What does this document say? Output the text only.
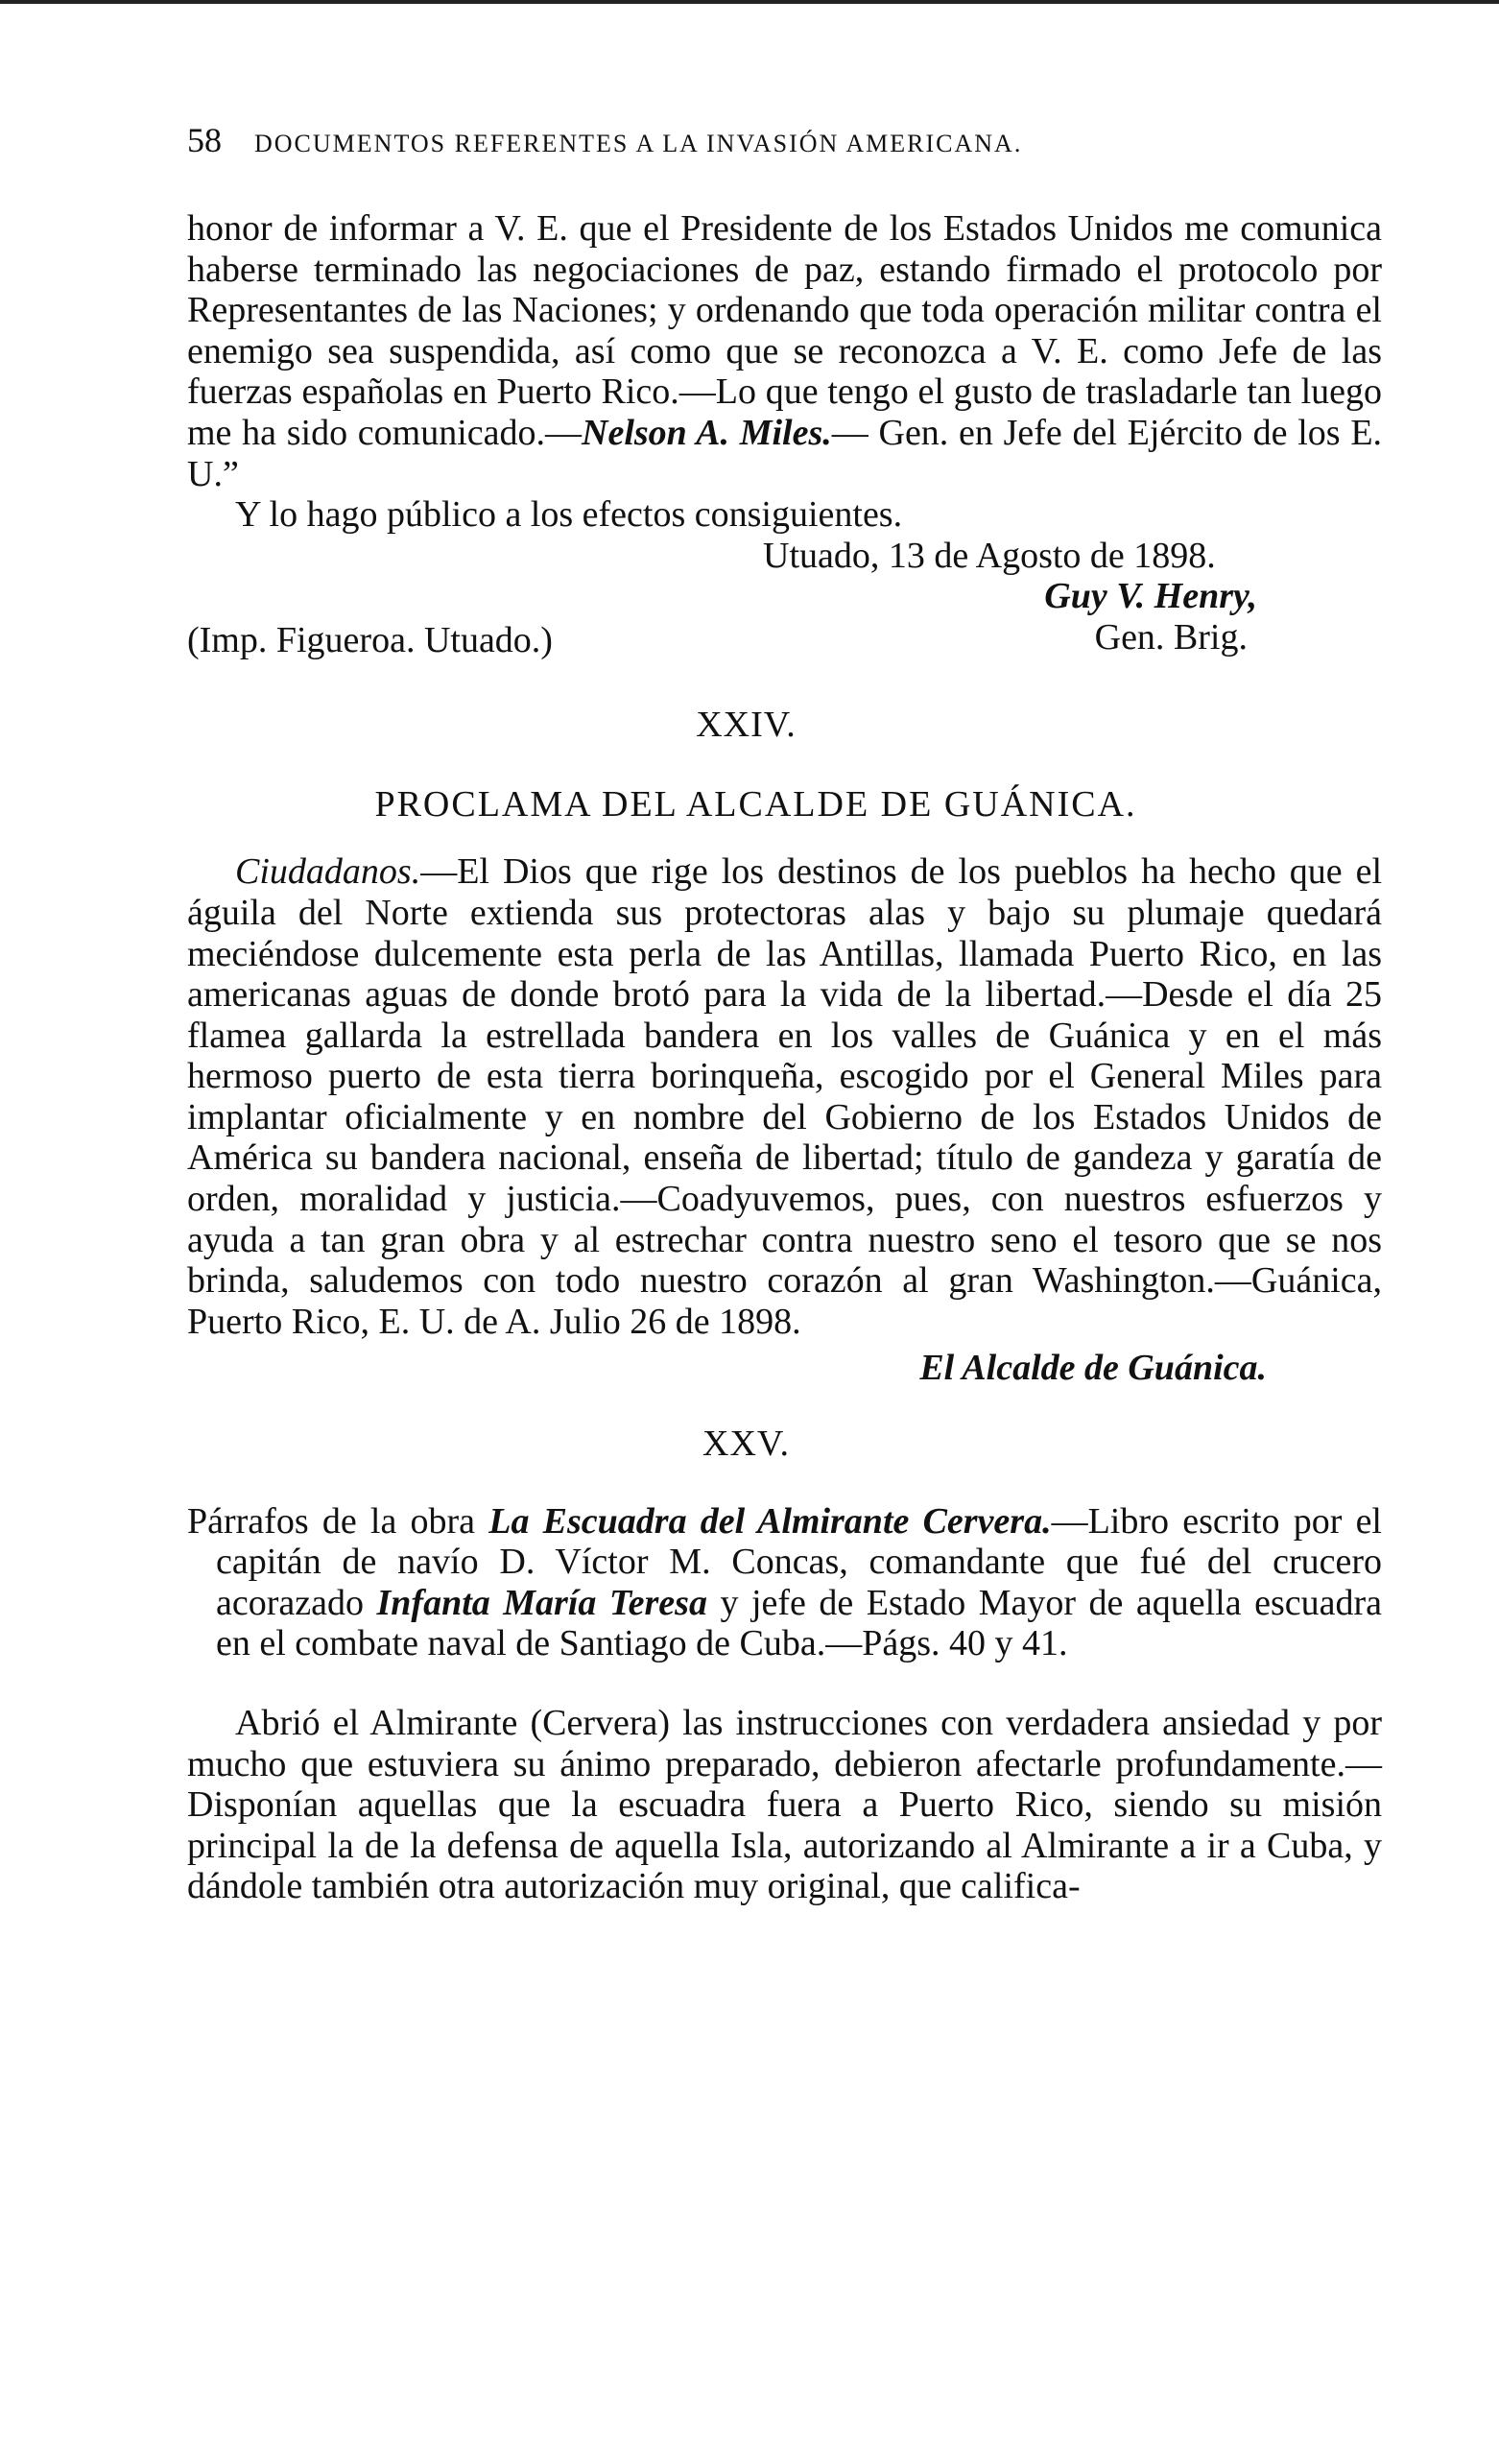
58 DOCUMENTOS REFERENTES A LA INVASIÓN AMERICANA.

honor de informar a V. E. que el Presidente de los Estados Unidos me comunica haberse terminado las negociaciones de paz, estando firmado el protocolo por Representantes de las Naciones; y ordenando que toda operación militar contra el enemigo sea suspendida, así como que se reconozca a V. E. como Jefe de las fuerzas españolas en Puerto Rico.—Lo que tengo el gusto de trasladarle tan luego me ha sido comunicado.—Nelson A. Miles.— Gen. en Jefe del Ejército de los E. U.”

Y lo hago público a los efectos consiguientes.

Utuado, 13 de Agosto de 1898.

Guy V. Henry,
Gen. Brig.

(Imp. Figueroa. Utuado.)

XXIV.

PROCLAMA DEL ALCALDE DE GUÁNICA.

Ciudadanos.—El Dios que rige los destinos de los pueblos ha hecho que el águila del Norte extienda sus protectoras alas y bajo su plumaje quedará meciéndose dulcemente esta perla de las Antillas, llamada Puerto Rico, en las americanas aguas de donde brotó para la vida de la libertad.—Desde el día 25 flamea gallarda la estrellada bandera en los valles de Guánica y en el más hermoso puerto de esta tierra borinqueña, escogido por el General Miles para implantar oficialmente y en nombre del Gobierno de los Estados Unidos de América su bandera nacional, enseña de libertad; título de gandeza y garatía de orden, moralidad y justicia.—Coadyuvemos, pues, con nuestros esfuerzos y ayuda a tan gran obra y al estrechar contra nuestro seno el tesoro que se nos brinda, saludemos con todo nuestro corazón al gran Washington.—Guánica, Puerto Rico, E. U. de A. Julio 26 de 1898.

El Alcalde de Guánica.

XXV.

Párrafos de la obra La Escuadra del Almirante Cervera.—Libro escrito por el capitán de navío D. Víctor M. Concas, comandante que fué del crucero acorazado Infanta María Teresa y jefe de Estado Mayor de aquella escuadra en el combate naval de Santiago de Cuba.—Págs. 40 y 41.

Abrió el Almirante (Cervera) las instrucciones con verdadera ansiedad y por mucho que estuviera su ánimo preparado, debieron afectarle profundamente.—Disponían aquellas que la escuadra fuera a Puerto Rico, siendo su misión principal la de la defensa de aquella Isla, autorizando al Almirante a ir a Cuba, y dándole también otra autorización muy original, que califica-
